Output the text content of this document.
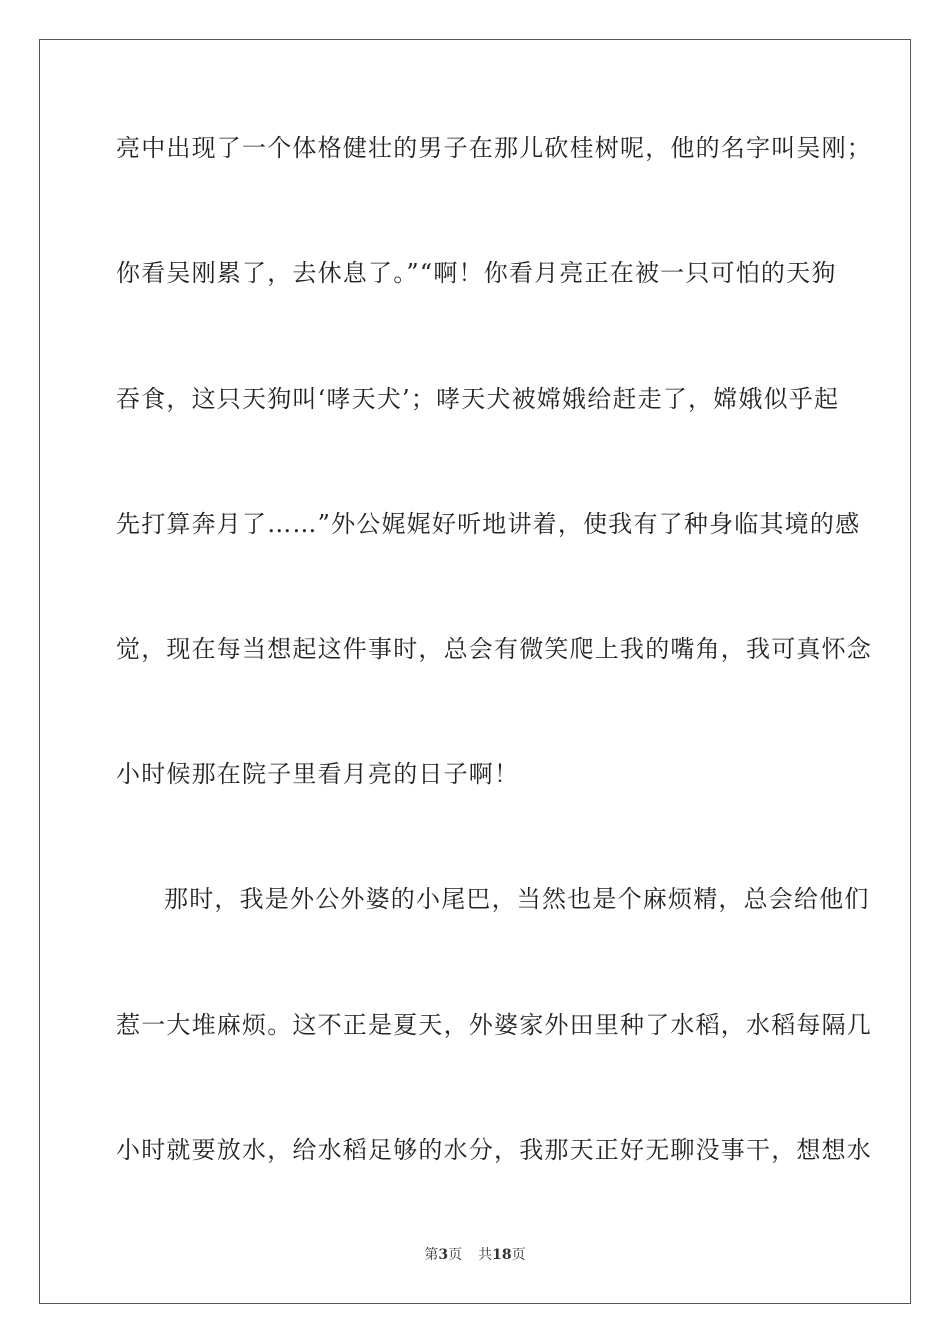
亮中出现了一个体格健壮的男子在那儿砍桂树呢，他的名字叫吴刚；
你看吴刚累了，去休息了。”“啊！你看月亮正在被一只可怕的天狗
吞食，这只天狗叫‘哮天犬’；哮天犬被嫦娥给赶走了，嫦娥似乎起
先打算奔月了……”外公娓娓好听地讲着，使我有了种身临其境的感
觉，现在每当想起这件事时，总会有微笑爬上我的嘴角，我可真怀念
小时候那在院子里看月亮的日子啊！
那时，我是外公外婆的小尾巴，当然也是个麻烦精，总会给他们
惹一大堆麻烦。这不正是夏天，外婆家外田里种了水稻，水稻每隔几
小时就要放水，给水稻足够的水分，我那天正好无聊没事干，想想水
第3页 共18页
